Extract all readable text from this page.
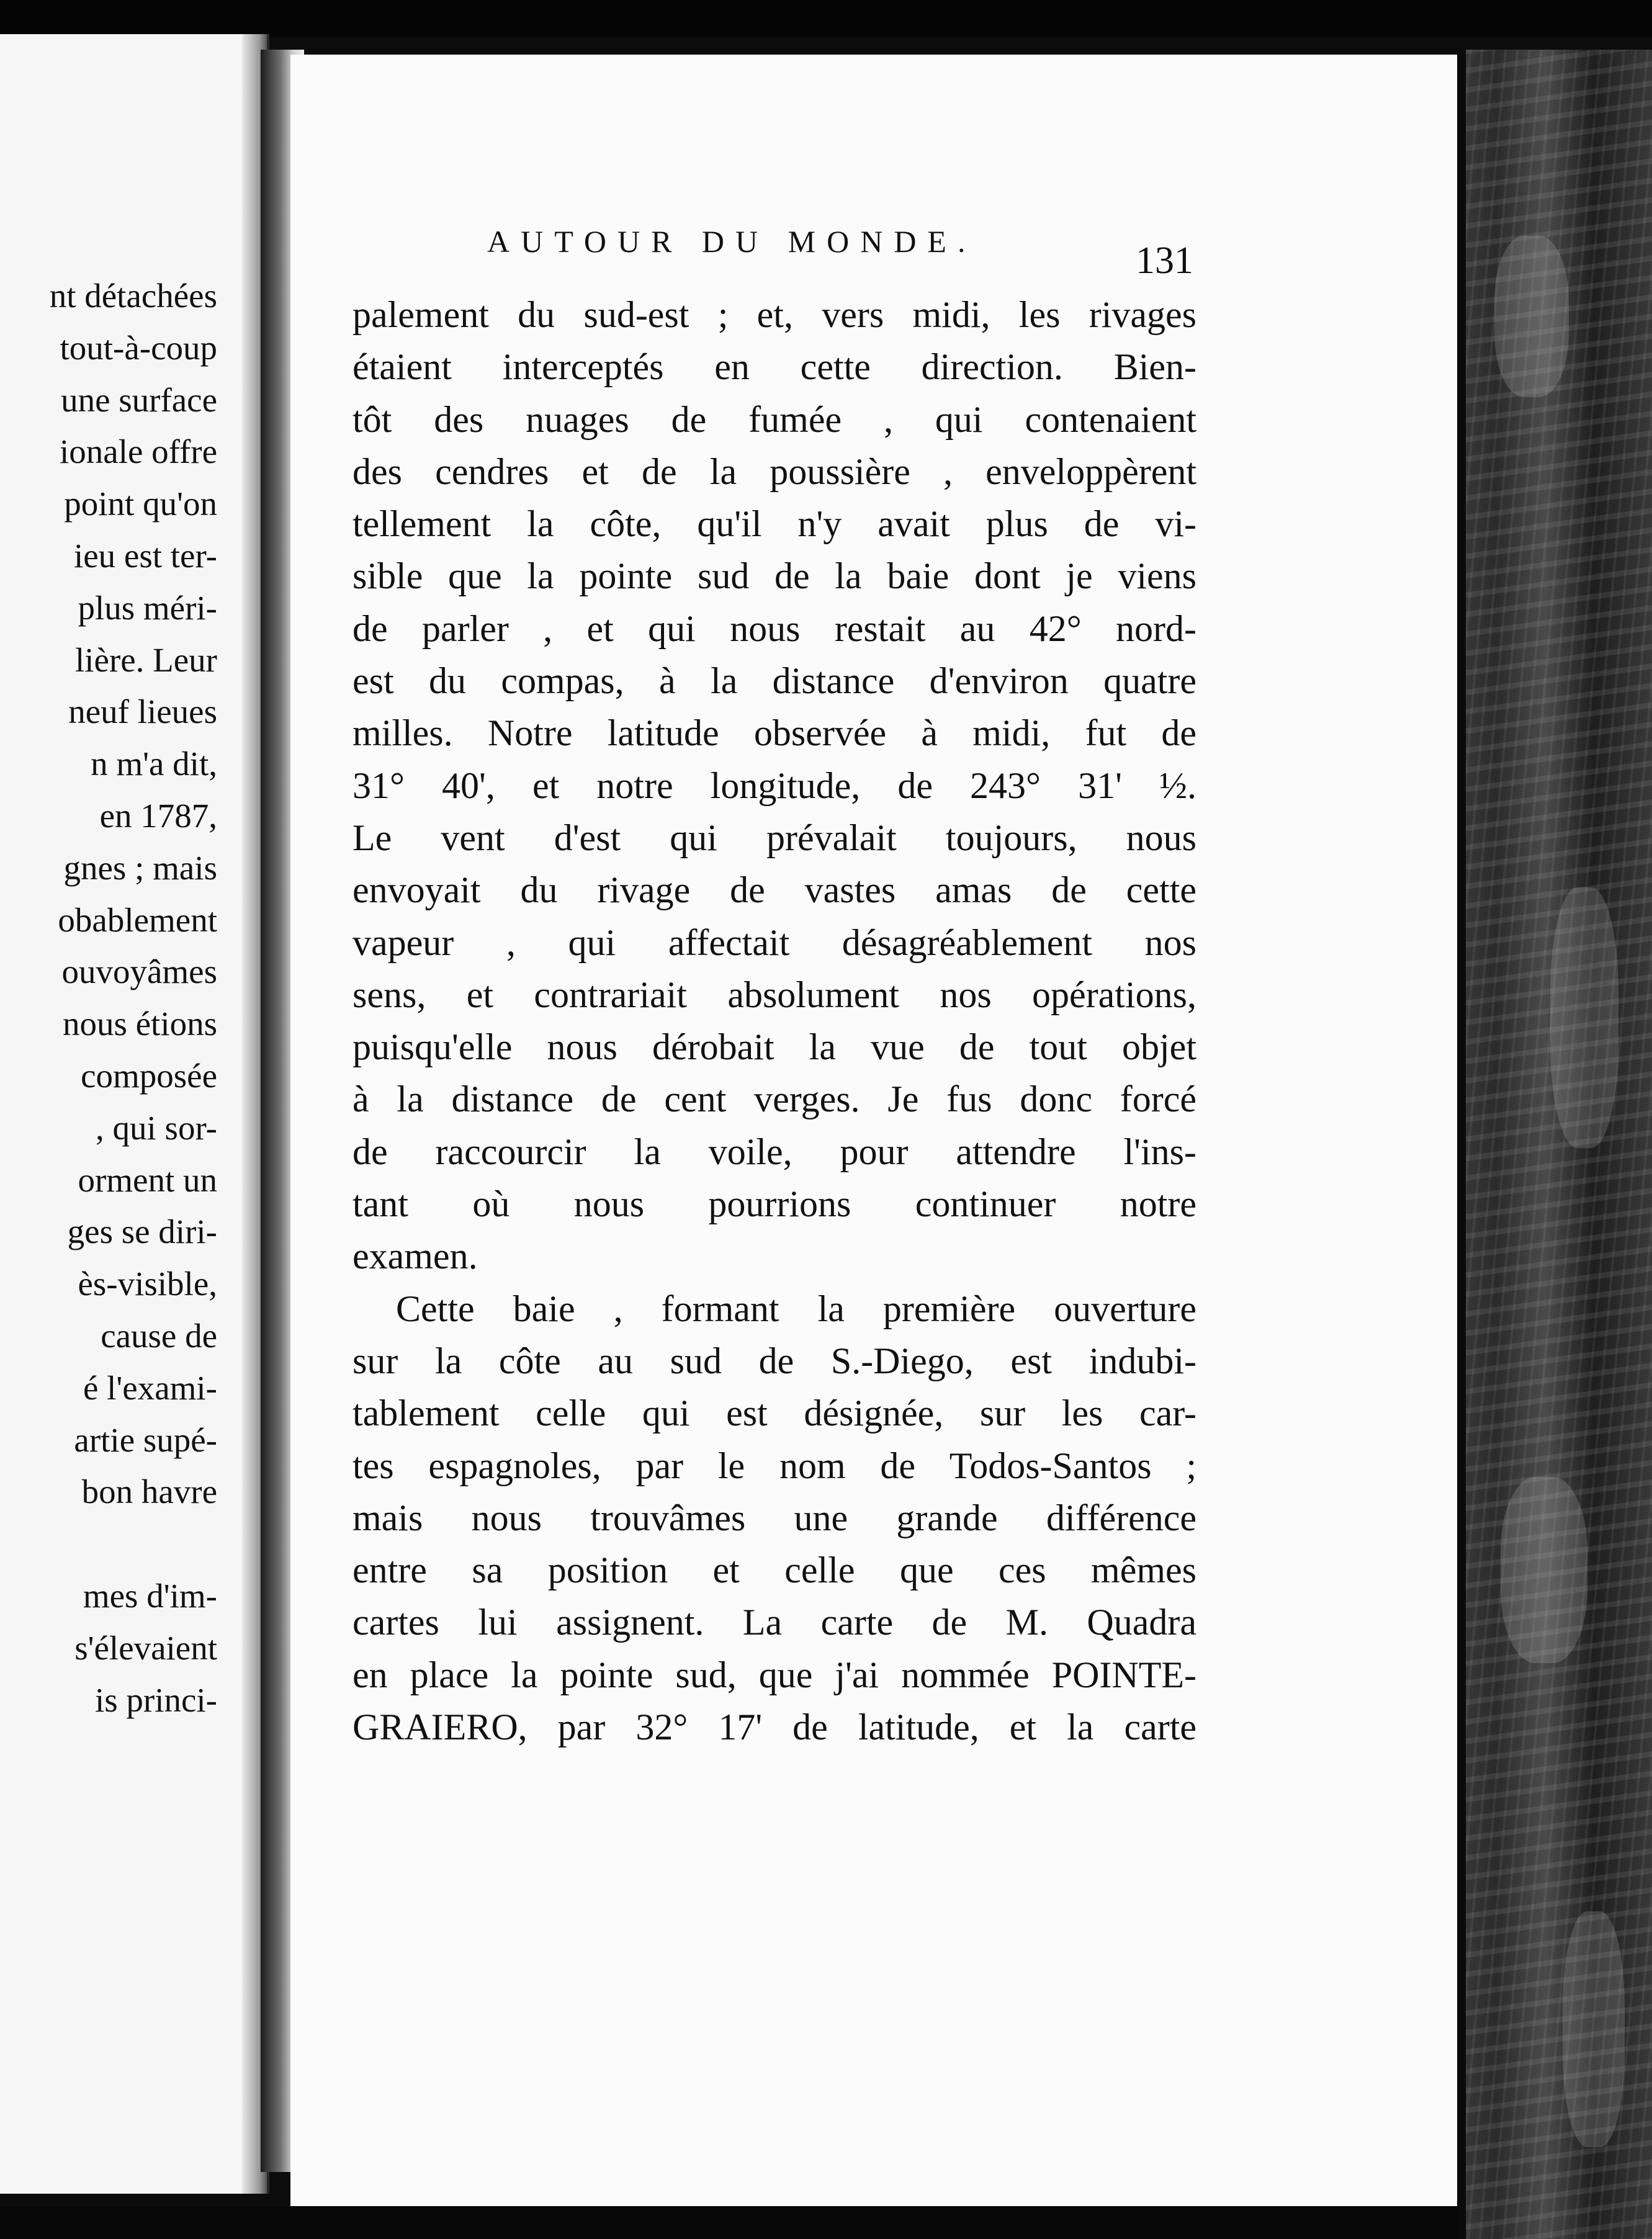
nt détachées
tout-à-coup
une surface
ionale offre
point qu'on
ieu est ter-
plus méri-
lière. Leur
neuf lieues
n m'a dit,
en 1787,
gnes ; mais
obablement
ouvoyâmes
nous étions
composée
, qui sor-
orment un
ges se diri-
ès-visible,
cause de
é l'exami-
artie supé-
bon havre

mes d'im-
s'élevaient
is princi-
AUTOUR DU MONDE.	131
palement du sud-est ; et, vers midi, les rivages
étaient interceptés en cette direction. Bien-
tôt des nuages de fumée , qui contenaient
des cendres et de la poussière , enveloppèrent
tellement la côte, qu'il n'y avait plus de vi-
sible que la pointe sud de la baie dont je viens
de parler , et qui nous restait au 42° nord-
est du compas, à la distance d'environ quatre
milles. Notre latitude observée à midi, fut de
31° 40', et notre longitude, de 243° 31' ½.
Le vent d'est qui prévalait toujours, nous
envoyait du rivage de vastes amas de cette
vapeur , qui affectait désagréablement nos
sens, et contrariait absolument nos opérations,
puisqu'elle nous dérobait la vue de tout objet
à la distance de cent verges. Je fus donc forcé
de raccourcir la voile, pour attendre l'ins-
tant où nous pourrions continuer notre
examen.
Cette baie , formant la première ouverture
sur la côte au sud de S.-Diego, est indubi-
tablement celle qui est désignée, sur les car-
tes espagnoles, par le nom de Todos-Santos ;
mais nous trouvâmes une grande différence
entre sa position et celle que ces mêmes
cartes lui assignent. La carte de M. Quadra
en place la pointe sud, que j'ai nommée POINTE-
GRAIERO, par 32° 17' de latitude, et la carte
